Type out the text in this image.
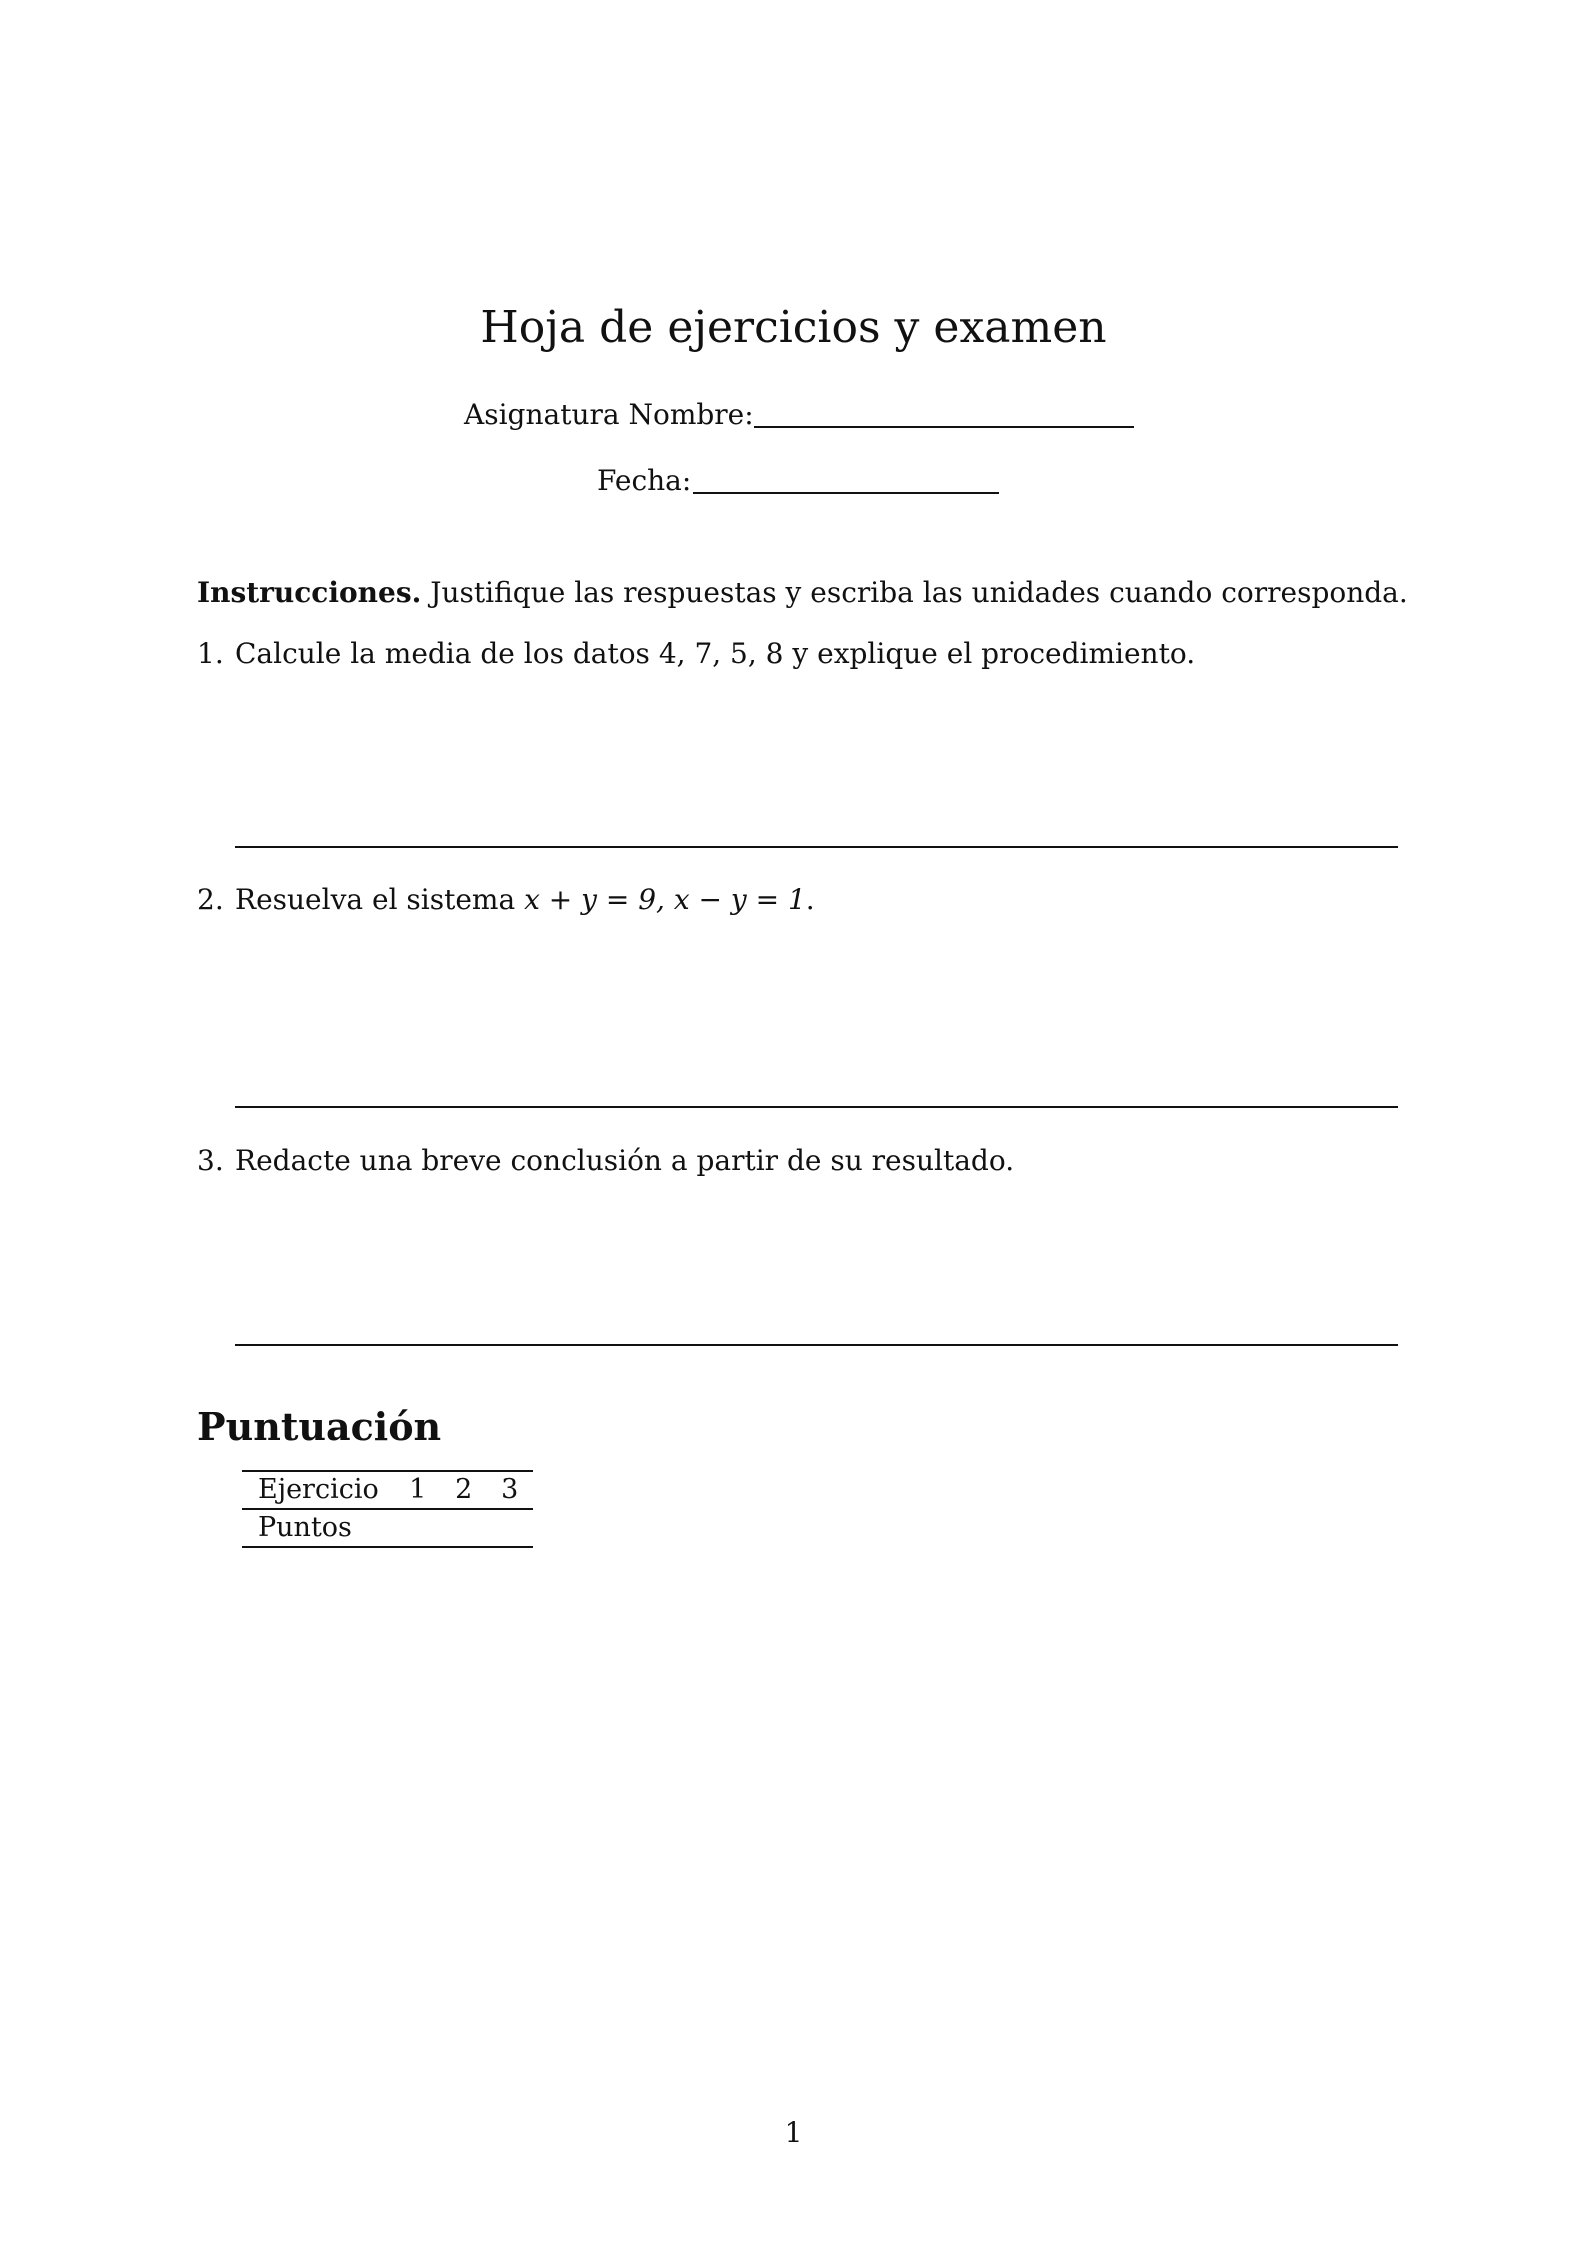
Hoja de ejercicios y examen
Asignatura Nombre:
Fecha:
Instrucciones. Justifique las respuestas y escriba las unidades cuando corresponda.
1. Calcule la media de los datos 4, 7, 5, 8 y explique el procedimiento.
2. Resuelva el sistema x + y = 9, x − y = 1.
3. Redacte una breve conclusión a partir de su resultado.
Puntuación
Ejercicio	1	2	3
Puntos			
1
